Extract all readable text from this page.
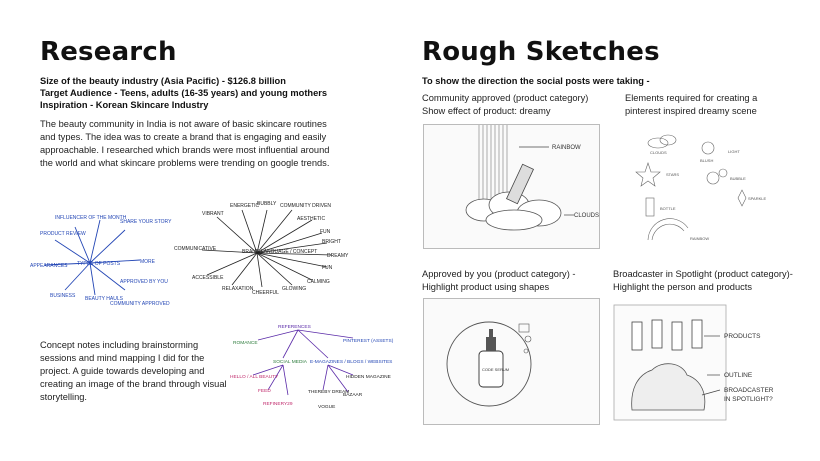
Research
Size of the beauty industry (Asia Pacific) - $126.8 billion
Target Audience - Teens, adults (16-35 years) and young mothers
Inspiration - Korean Skincare Industry
The beauty community in India is not aware of basic skincare routines and types. The idea was to create a brand that is engaging and easily approachable. I researched which brands were most influential around the world and what skincare problems were trending on google trends.
TYPES OF POSTS
INFLUENCER OF THE MONTH
SHARE YOUR STORY
PRODUCT REVIEW
APPROVED BY YOU
BEAUTY HAULS
COMMUNITY APPROVED
MORE
APPEARANCES
BUSINESS
BRAND LANGUAGE / CONCEPT
VIBRANT
ENERGETIC
BUBBLY COMMUNITY DRIVEN
AESTHETIC
FUN
BRIGHT
DREAMY
FUN
CALMING
GLOWING
CHEERFUL
RELAXATION
ACCESSIBLE
COMMUNICATIVE
Concept notes including brainstorming sessions and mind mapping I did for the project. A guide towards developing and creating an image of the brand through visual storytelling.
REFERENCES
ROMANCE	PINTEREST (ASSETS)
SOCIAL MEDIA E-MAGAZINES / BLOGS / WEBSITES
HIDDEN MAGAZINE
HELLO / ALL BEAUTY
FEED	THEREBY DREAM
VOGUE
BAZAAR
REFINERY29
Rough Sketches
To show the direction the social posts were taking -
Community approved (product category)
Show effect of product: dreamy
RAINBOW
CLOUDS
Elements required for creating a
pinterest inspired dreamy scene
CLOUDS
BLUSH
STARS
LIGHT
BOTTLE
BUBBLE
RAINBOW
SPARKLE
Approved by you (product category) -
Highlight product using shapes
CODE SERUM
Broadcaster in Spotlight (product category)-
Highlight the person and products
PRODUCTS
OUTLINE
BROADCASTER
IN SPOTLIGHT?
